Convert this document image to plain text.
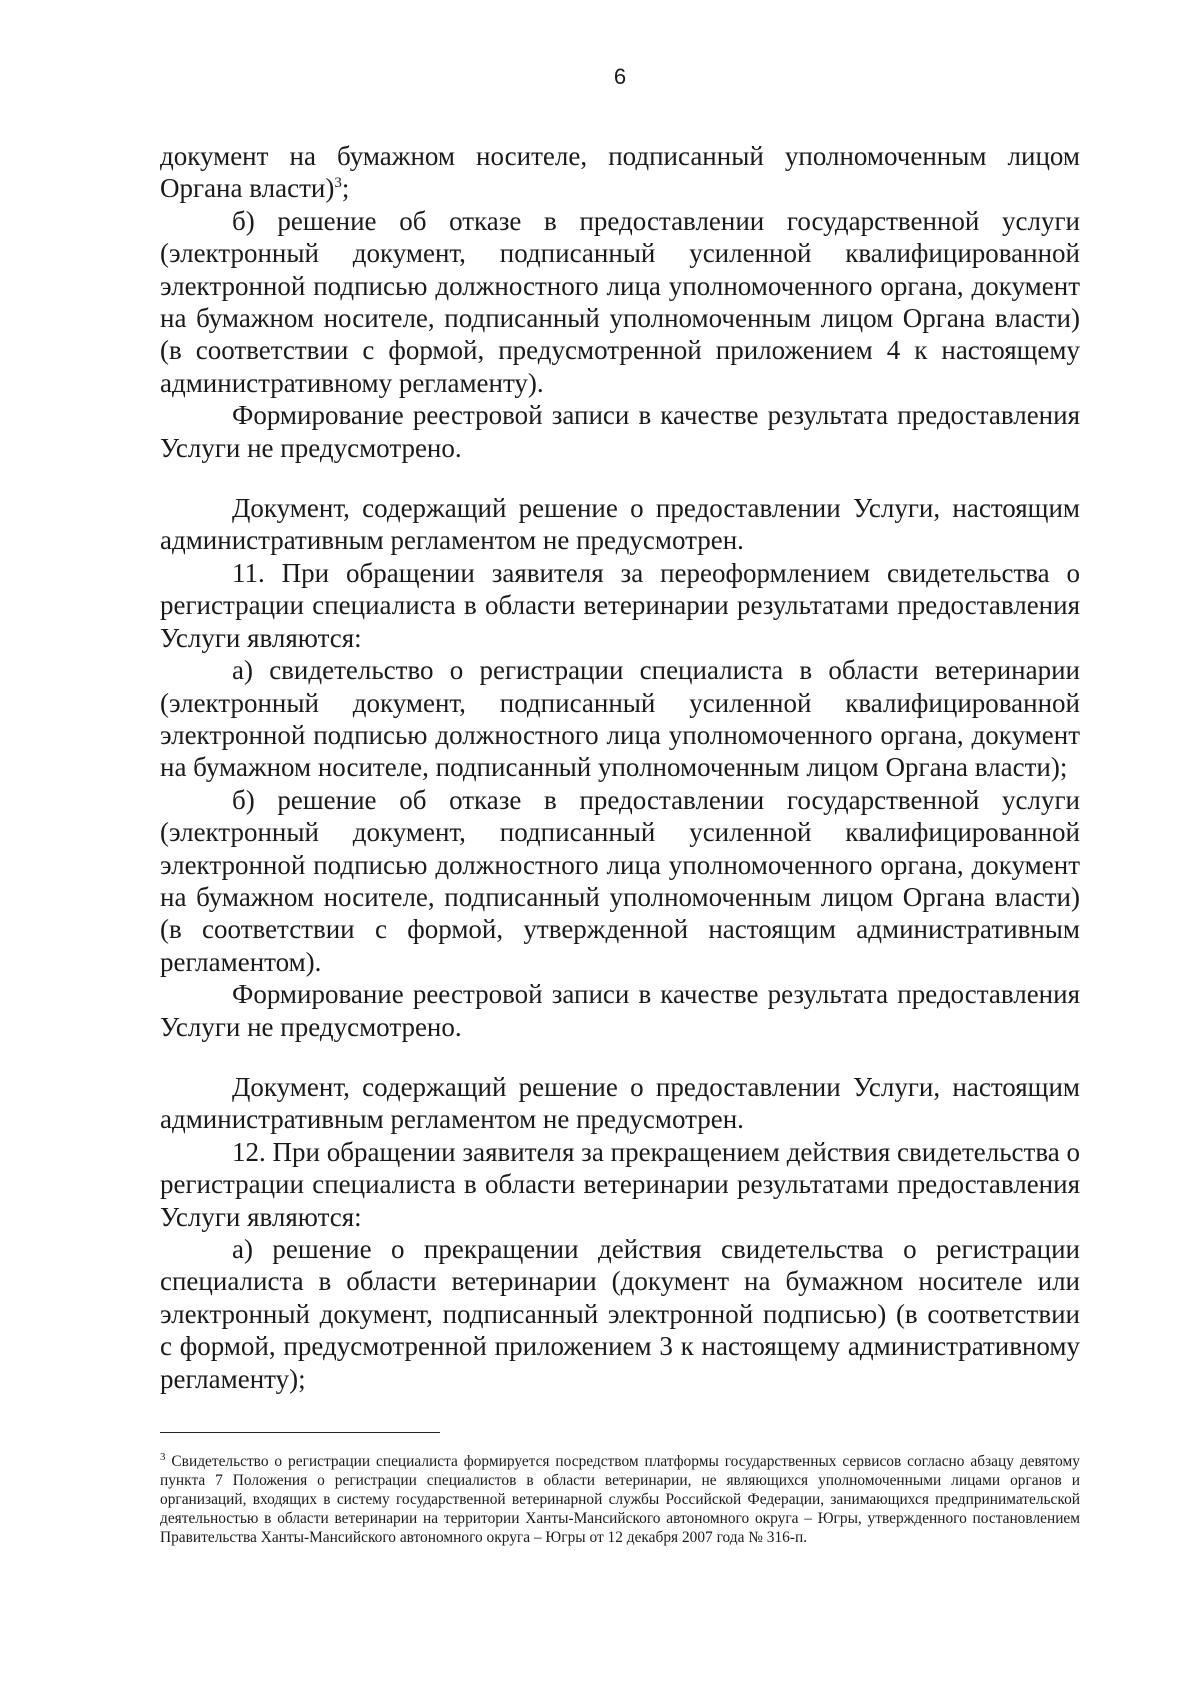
6

документ на бумажном носителе, подписанный уполномоченным лицом Органа власти)$^3$;

б) решение об отказе в предоставлении государственной услуги (электронный документ, подписанный усиленной квалифицированной электронной подписью должностного лица уполномоченного органа, документ на бумажном носителе, подписанный уполномоченным лицом Органа власти) (в соответствии с формой, предусмотренной приложением 4 к настоящему административному регламенту).

Формирование реестровой записи в качестве результата предоставления Услуги не предусмотрено.

Документ, содержащий решение о предоставлении Услуги, настоящим административным регламентом не предусмотрен.

11. При обращении заявителя за переоформлением свидетельства о регистрации специалиста в области ветеринарии результатами предоставления Услуги являются:

а) свидетельство о регистрации специалиста в области ветеринарии (электронный документ, подписанный усиленной квалифицированной электронной подписью должностного лица уполномоченного органа, документ на бумажном носителе, подписанный уполномоченным лицом Органа власти);

б) решение об отказе в предоставлении государственной услуги (электронный документ, подписанный усиленной квалифицированной электронной подписью должностного лица уполномоченного органа, документ на бумажном носителе, подписанный уполномоченным лицом Органа власти) (в соответствии с формой, утвержденной настоящим административным регламентом).

Формирование реестровой записи в качестве результата предоставления Услуги не предусмотрено.

Документ, содержащий решение о предоставлении Услуги, настоящим административным регламентом не предусмотрен.

12. При обращении заявителя за прекращением действия свидетельства о регистрации специалиста в области ветеринарии результатами предоставления Услуги являются:

а) решение о прекращении действия свидетельства о регистрации специалиста в области ветеринарии (документ на бумажном носителе или электронный документ, подписанный электронной подписью) (в соответствии с формой, предусмотренной приложением 3 к настоящему административному регламенту);

$^3$ Свидетельство о регистрации специалиста формируется посредством платформы государственных сервисов согласно абзацу девятому пункта 7 Положения о регистрации специалистов в области ветеринарии, не являющихся уполномоченными лицами органов и организаций, входящих в систему государственной ветеринарной службы Российской Федерации, занимающихся предпринимательской деятельностью в области ветеринарии на территории Ханты-Мансийского автономного округа – Югры, утвержденного постановлением Правительства Ханты-Мансийского автономного округа – Югры от 12 декабря 2007 года № 316-п.
